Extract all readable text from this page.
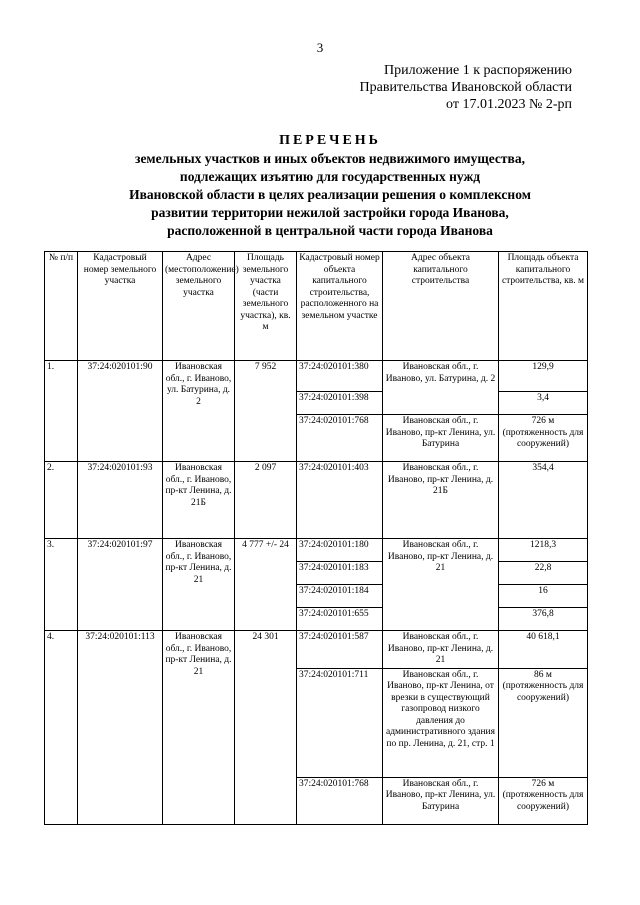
3
Приложение 1 к распоряжению
Правительства Ивановской области
от 17.01.2023 № 2-рп
ПЕРЕЧЕНЬ
земельных участков и иных объектов недвижимого имущества,
подлежащих изъятию для государственных нужд
Ивановской области в целях реализации решения о комплексном
развитии территории нежилой застройки города Иванова,
расположенной в центральной части города Иванова
№ п/п	Кадастровый номер земельного участка	Адрес (местоположение) земельного участка	Площадь земельного участка (части земельного участка), кв. м	Кадастровый номер объекта капитального строительства, расположенного на земельном участке	Адрес объекта капитального строительства	Площадь объекта капитального строительства, кв. м
1.	37:24:020101:90	Ивановская обл., г. Иваново, ул. Батурина, д. 2	7 952	37:24:020101:380	Ивановская обл., г. Иваново, ул. Батурина, д. 2	129,9
				37:24:020101:398		3,4
				37:24:020101:768	Ивановская обл., г. Иваново, пр-кт Ленина, ул. Батурина	726 м (протяженность для сооружений)
2.	37:24:020101:93	Ивановская обл., г. Иваново, пр-кт Ленина, д. 21Б	2 097	37:24:020101:403	Ивановская обл., г. Иваново, пр-кт Ленина, д. 21Б	354,4
3.	37:24:020101:97	Ивановская обл., г. Иваново, пр-кт Ленина, д. 21	4 777 +/- 24	37:24:020101:180	Ивановская обл., г. Иваново, пр-кт Ленина, д. 21	1218,3
				37:24:020101:183		22,8
				37:24:020101:184		16
				37:24:020101:655		376,8
4.	37:24:020101:113	Ивановская обл., г. Иваново, пр-кт Ленина, д. 21	24 301	37:24:020101:587	Ивановская обл., г. Иваново, пр-кт Ленина, д. 21	40 618,1
				37:24:020101:711	Ивановская обл., г. Иваново, пр-кт Ленина, от врезки в существующий газопровод низкого давления до административного здания по пр. Ленина, д. 21, стр. 1	86 м (протяженность для сооружений)
				37:24:020101:768	Ивановская обл., г. Иваново, пр-кт Ленина, ул. Батурина	726 м (протяженность для сооружений)
